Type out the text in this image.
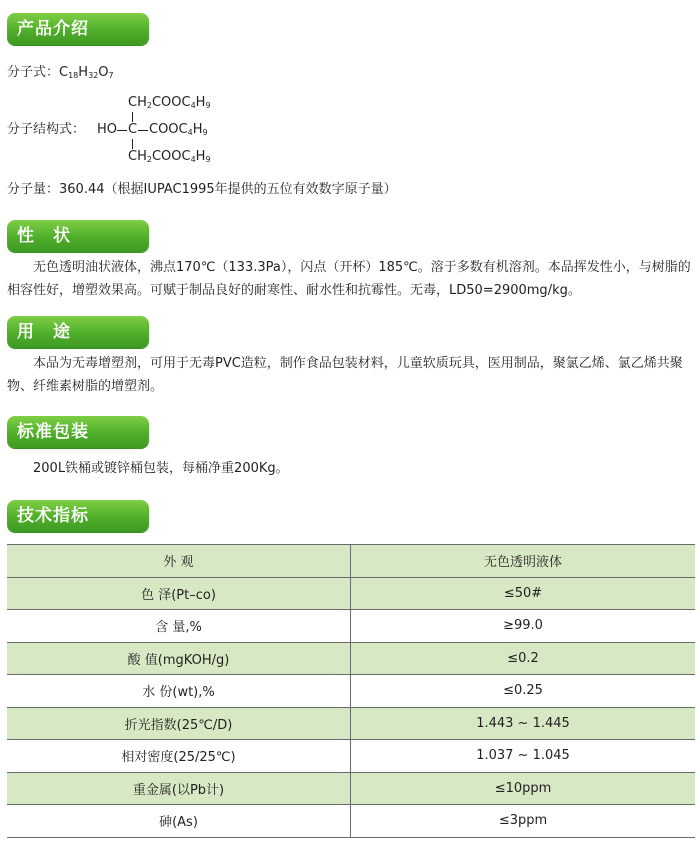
产品介绍
分子式：$C_{18}H_{32}O_7$
$CH_2COOC_4H_9$
分子结构式： HO C $COOC_4H_9$
$CH_2COOC_4H_9$
分子量：360.44（根据IUPAC1995年提供的五位有效数字原子量）
性　状
无色透明油状液体，沸点170℃（133.3Pa），闪点（开杯）185℃。溶于多数有机溶剂。本品挥发性小，与树脂的相容性好，增塑效果高。可赋于制品良好的耐寒性、耐水性和抗霉性。无毒，LD50=2900mg/kg。
用　途
本品为无毒增塑剂，可用于无毒PVC造粒，制作食品包装材料，儿童软质玩具，医用制品，聚氯乙烯、氯乙烯共聚物、纤维素树脂的增塑剂。
标准包装
200L铁桶或镀锌桶包装，每桶净重200Kg。
技术指标
外 观	无色透明液体
色 泽(Pt–co)	≤50#
含 量,%	≥99.0
酸 值(mgKOH/g)	≤0.2
水 份(wt),%	≤0.25
折光指数(25℃/D)	1.443 ~ 1.445
相对密度(25/25℃)	1.037 ~ 1.045
重金属(以Pb计)	≤10ppm
砷(As)	≤3ppm
